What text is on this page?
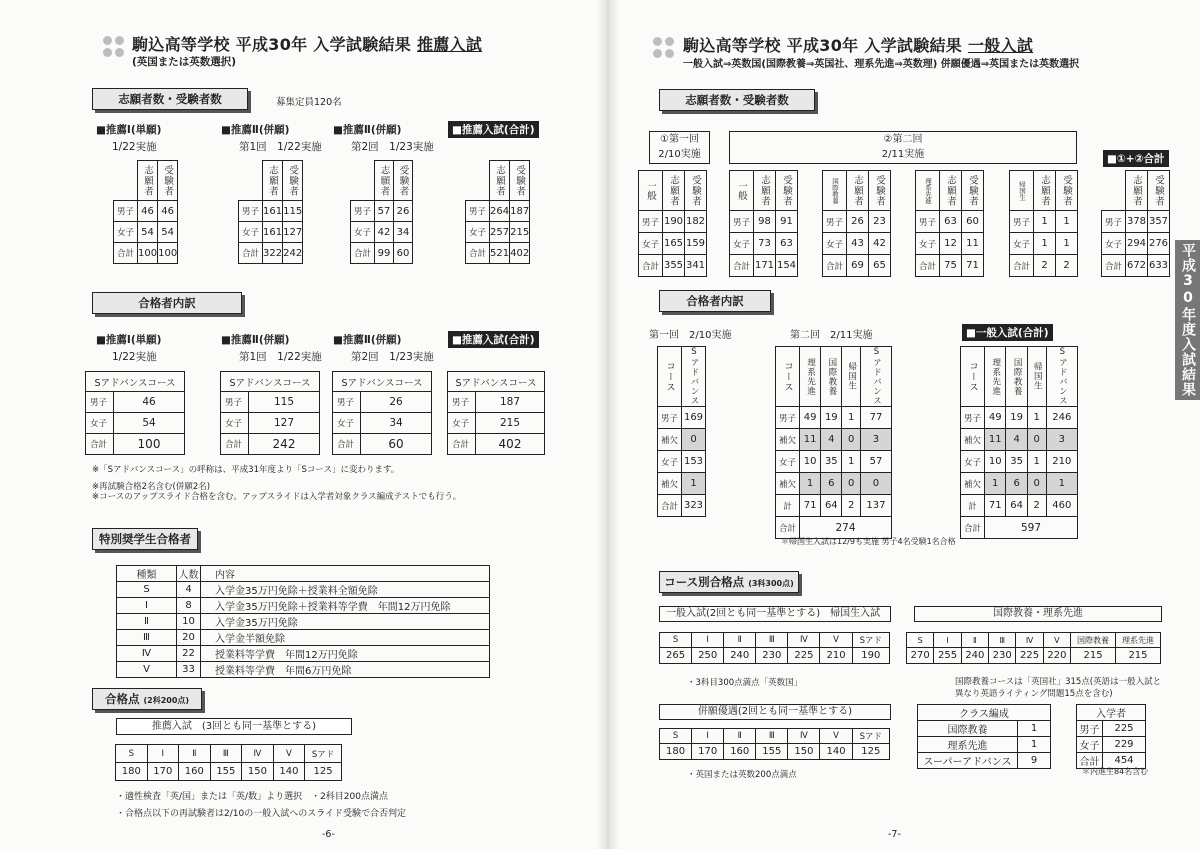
駒込高等学校 平成30年 入学試験結果 推薦入試
(英国または英数選択)
志願者数・受験者数	募集定員120名
■推薦Ⅰ(単願)
1/22実施
	志願者	受験者
男子	46	46
女子	54	54
合計	100	100
■推薦Ⅱ(併願)
第1回　1/22実施
	志願者	受験者
男子	161	115
女子	161	127
合計	322	242
■推薦Ⅱ(併願)
第2回　1/23実施
	志願者	受験者
男子	57	26
女子	42	34
合計	99	60
■推薦入試(合計)
	志願者	受験者
男子	264	187
女子	257	215
合計	521	402
合格者内訳
■推薦Ⅰ(単願)
1/22実施
Sアドバンスコース	
男子	46
女子	54
合計	100
■推薦Ⅱ(併願)
第1回　1/22実施
Sアドバンスコース	
男子	115
女子	127
合計	242
■推薦Ⅱ(併願)
第2回　1/23実施
Sアドバンスコース	
男子	26
女子	34
合計	60
■推薦入試(合計)
Sアドバンスコース	
男子	187
女子	215
合計	402
※「Sアドバンスコース」の呼称は、平成31年度より「Sコース」に変わります。
※再試験合格2名含む(併願2名)
※コースのアップスライド合格を含む。アップスライドは入学者対象クラス編成テストでも行う。
特別奨学生合格者
種類	人数	内容
S	4	入学金35万円免除＋授業料全額免除
Ⅰ	8	入学金35万円免除＋授業料等学費　年間12万円免除
Ⅱ	10	入学金35万円免除
Ⅲ	20	入学金半額免除
Ⅳ	22	授業料等学費　年間12万円免除
Ⅴ	33	授業料等学費　年間6万円免除
合格点 (2科200点)
推薦入試　(3回とも同一基準とする)
S	Ⅰ	Ⅱ	Ⅲ	Ⅳ	Ⅴ	Sアド
180	170	160	155	150	140	125
・適性検査「英/国」または「英/数」より選択　・2科目200点満点
・合格点以下の再試験者は2/10の一般入試へのスライド受験で合否判定
-6-
駒込高等学校 平成30年 入学試験結果 一般入試
一般入試⇒英数国(国際教養⇒英国社、理系先進⇒英数理) 併願優遇⇒英国または英数選択
志願者数・受験者数
①第一回
2/10実施
②第二回
2/11実施	■①+②合計
一般	志願者	受験者
男子	190	182
女子	165	159
合計	355	341
一般	志願者	受験者
男子	98	91
女子	73	63
合計	171	154
国際教養	志願者	受験者
男子	26	23
女子	43	42
合計	69	65
理系先進	志願者	受験者
男子	63	60
女子	12	11
合計	75	71
帰国生	志願者	受験者
男子	1	1
女子	1	1
合計	2	2
	志願者	受験者
男子	378	357
女子	294	276
合計	672	633
合格者内訳
第一回　2/10実施	第二回　2/11実施	■一般入試(合計)
コース	Sアドバンス
男子	169
補欠	0
女子	153
補欠	1
合計	323
コース	理系先進	国際教養	帰国生	Sアドバンス
男子	49	19	1	77
補欠	11	4	0	3
女子	10	35	1	57
補欠	1	6	0	0
計	71	64	2	137
合計	274			
コース	理系先進	国際教養	帰国生	Sアドバンス
男子	49	19	1	246
補欠	11	4	0	3
女子	10	35	1	210
補欠	1	6	0	1
計	71	64	2	460
合計	597			
＊帰国生入試は12/9も実施 男子4名受験1名合格
コース別合格点 (3科300点)
一般入試(2回とも同一基準とする)　帰国生入試
S	Ⅰ	Ⅱ	Ⅲ	Ⅳ	Ⅴ	Sアド
265	250	240	230	225	210	190
・3科目300点満点「英数国」
国際教養・理系先進
S	Ⅰ	Ⅱ	Ⅲ	Ⅳ	Ⅴ	国際教養	理系先進
270	255	240	230	225	220	215	215
国際教養コースは「英国社」315点(英語は一般入試と
異なり英語ライティング問題15点を含む)
併願優遇(2回とも同一基準とする)
S	Ⅰ	Ⅱ	Ⅲ	Ⅳ	Ⅴ	Sアド
180	170	160	155	150	140	125
・英国または英数200点満点
クラス編成	
国際教養	1
理系先進	1
スーパーアドバンス	9
入学者	
男子	225
女子	229
合計	454
＊内進生84名含む
-7-
平成30年度入試結果
